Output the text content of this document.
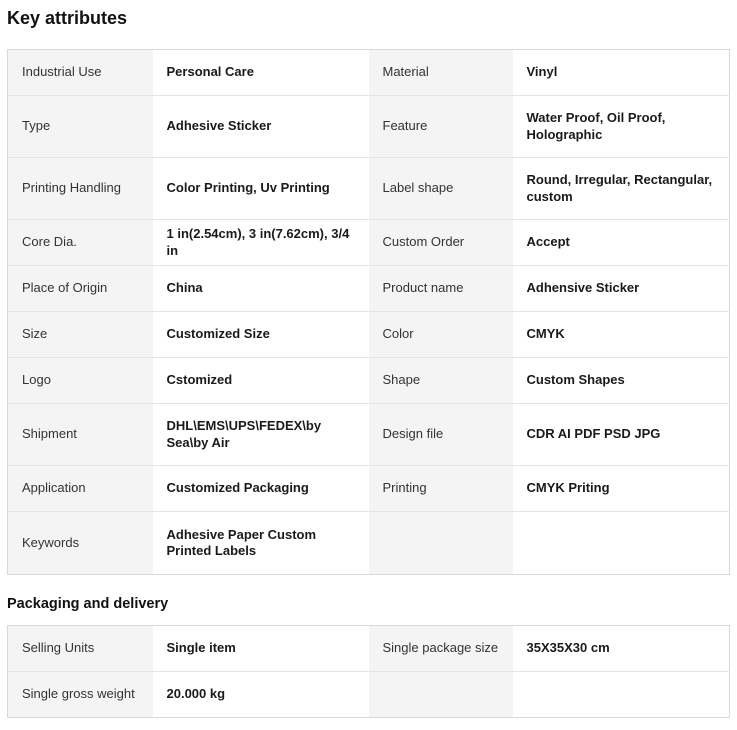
Key attributes
Industrial Use	Personal Care	Material	Vinyl
Type	Adhesive Sticker	Feature	Water Proof, Oil Proof, Holographic
Printing Handling	Color Printing, Uv Printing	Label shape	Round, Irregular, Rectangular, custom
Core Dia.	1 in(2.54cm), 3 in(7.62cm), 3/4 in	Custom Order	Accept
Place of Origin	China	Product name	Adhensive Sticker
Size	Customized Size	Color	CMYK
Logo	Cstomized	Shape	Custom Shapes
Shipment	DHL\EMS\UPS\FEDEX\by Sea\by Air	Design file	CDR AI PDF PSD JPG
Application	Customized Packaging	Printing	CMYK Priting
Keywords	Adhesive Paper Custom Printed Labels		
Packaging and delivery
Selling Units	Single item	Single package size	35X35X30 cm
Single gross weight	20.000 kg		
